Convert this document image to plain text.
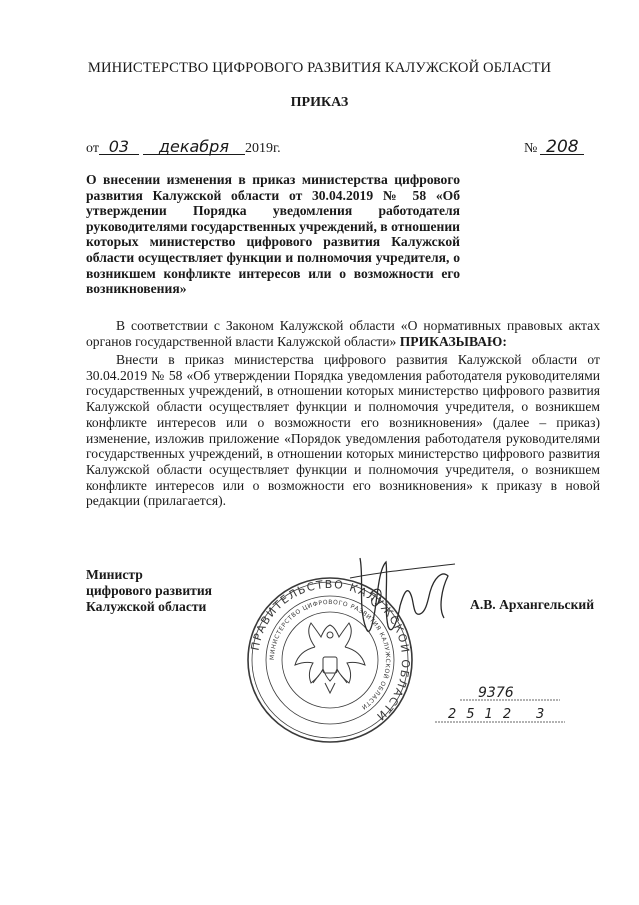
МИНИСТЕРСТВО ЦИФРОВОГО РАЗВИТИЯ КАЛУЖСКОЙ ОБЛАСТИ
ПРИКАЗ
от 03 декабря 2019г.	№ 208
О внесении изменения в приказ министерства цифрового развития Калужской области от 30.04.2019 № 58 «Об утверждении Порядка уведомления работодателя руководителями государственных учреждений, в отношении которых министерство цифрового развития Калужской области осуществляет функции и полномочия учредителя, о возникшем конфликте интересов или о возможности его возникновения»
В соответствии с Законом Калужской области «О нормативных правовых актах органов государственной власти Калужской области» ПРИКАЗЫВАЮ:
Внести в приказ министерства цифрового развития Калужской области от 30.04.2019 № 58 «Об утверждении Порядка уведомления работодателя руководителями государственных учреждений, в отношении которых министерство цифрового развития Калужской области осуществляет функции и полномочия учредителя, о возникшем конфликте интересов или о возможности его возникновения» (далее – приказ) изменение, изложив приложение «Порядок уведомления работодателя руководителями государственных учреждений, в отношении которых министерство цифрового развития Калужской области осуществляет функции и полномочия учредителя, о возникшем конфликте интересов или о возможности его возникновения» к приказу в новой редакции (прилагается).
Министр
цифрового развития
Калужской области	А.В. Архангельский
ПРАВИТЕЛЬСТВО КАЛУЖСКОЙ ОБЛАСТИ
МИНИСТЕРСТВО ЦИФРОВОГО РАЗВИТИЯ КАЛУЖСКОЙ ОБЛАСТИ
9376
2512 3
